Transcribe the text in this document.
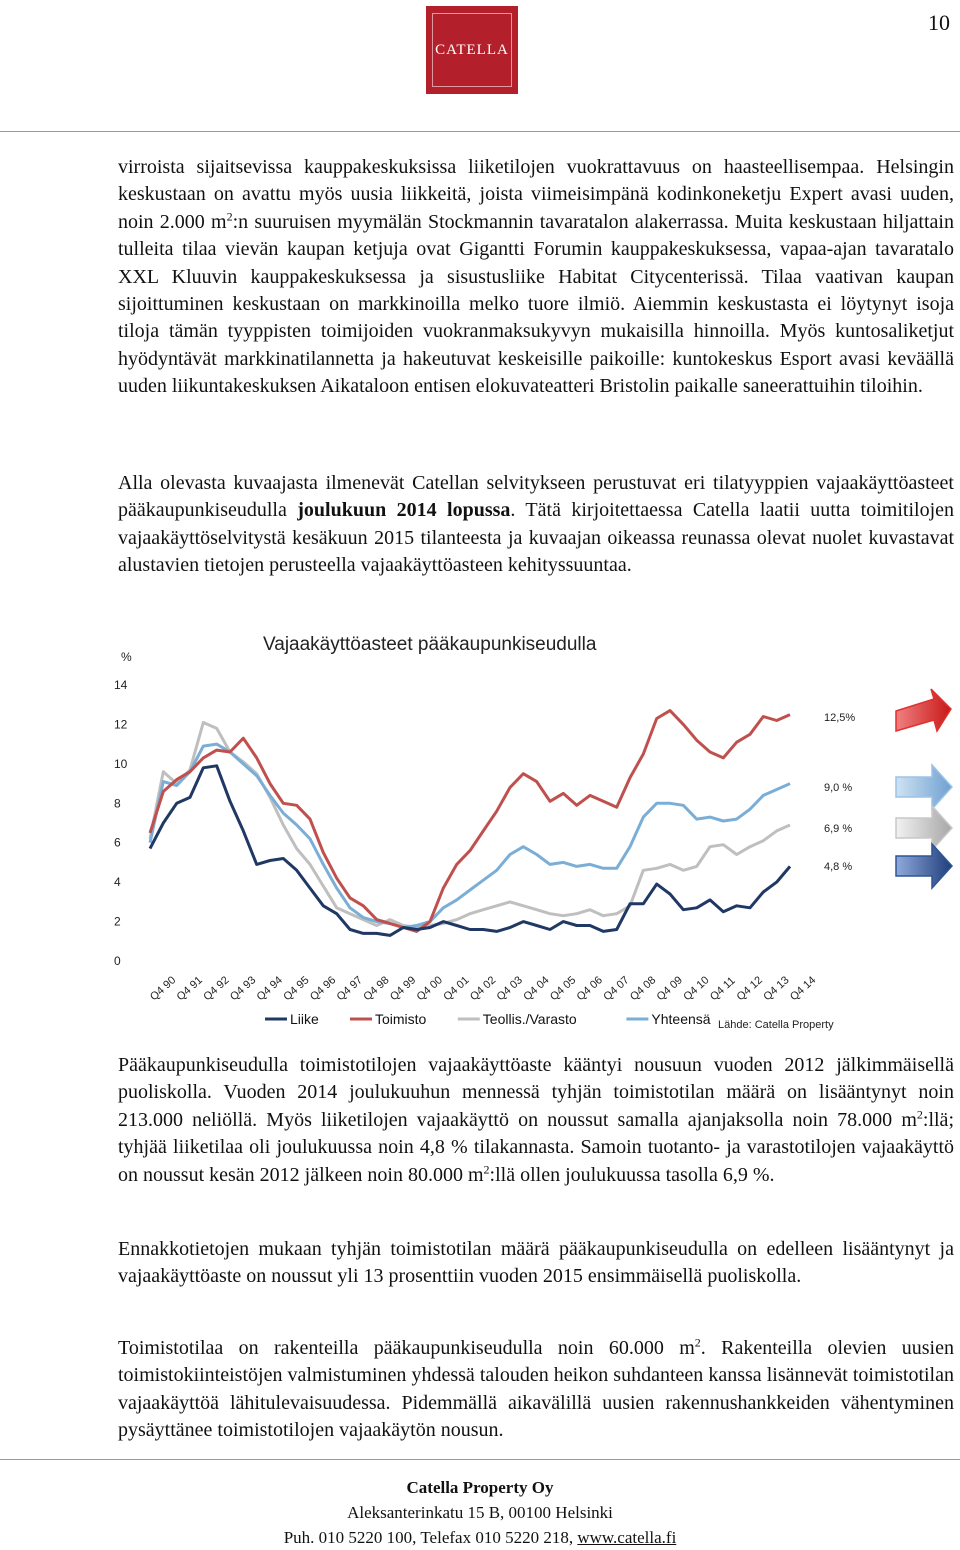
10
CATELLA

virroista sijaitsevissa kauppakeskuksissa liiketilojen vuokrattavuus on haasteellisempaa. Helsingin keskustaan on avattu myös uusia liikkeitä, joista viimeisimpänä kodinkoneketju Expert avasi uuden, noin 2.000 $m^2:n$ suuruisen myymälän Stockmannin tavaratalon alakerrassa. Muita keskustaan hiljattain tulleita tilaa vievän kaupan ketjuja ovat Gigantti Forumin kauppakeskuksessa, vapaa-ajan tavaratalo XXL Kluuvin kauppakeskuksessa ja sisustusliike Habitat Citycenterissä. Tilaa vaativan kaupan sijoittuminen keskustaan on markkinoilla melko tuore ilmiö. Aiemmin keskustasta ei löytynyt isoja tiloja tämän tyyppisten toimijoiden vuokranmaksukyvyn mukaisilla hinnoilla. Myös kuntosaliketjut hyödyntävät markkinatilannetta ja hakeutuvat keskeisille paikoille: kuntokeskus Esport avasi keväällä uuden liikuntakeskuksen Aikataloon entisen elokuvateatteri Bristolin paikalle saneerattuihin tiloihin.

Alla olevasta kuvaajasta ilmenevät Catellan selvitykseen perustuvat eri tilatyyppien vajaakäyttöasteet pääkaupunkiseudulla joulukuun 2014 lopussa. Tätä kirjoitettaessa Catella laatii uutta toimitilojen vajaakäyttöselvitystä kesäkuun 2015 tilanteesta ja kuvaajan oikeassa reunassa olevat nuolet kuvastavat alustavien tietojen perusteella vajaakäyttöasteen kehityssuuntaa.

Vajaakäyttöasteet pääkaupunkiseudulla
%
0
2
4
6
8
10
12
14
Q4 90
Q4 91
Q4 92
Q4 93
Q4 94
Q4 95
Q4 96
Q4 97
Q4 98
Q4 99
Q4 00
Q4 01
Q4 02
Q4 03
Q4 04
Q4 05
Q4 06
Q4 07
Q4 08
Q4 09
Q4 10
Q4 11
Q4 12
Q4 13
Q4 14
12,5%
9,0 %
6,9 %
4,8 %
Liike	Toimisto	Teollis./Varasto	Yhteensä Lähde: Catella Property

Pääkaupunkiseudulla toimistotilojen vajaakäyttöaste kääntyi nousuun vuoden 2012 jälkimmäisellä puoliskolla. Vuoden 2014 joulukuuhun mennessä tyhjän toimistotilan määrä on lisääntynyt noin 213.000 neliöllä. Myös liiketilojen vajaakäyttö on noussut samalla ajanjaksolla noin 78.000 $m^2:llä$; tyhjää liiketilaa oli joulukuussa noin 4,8 % tilakannasta. Samoin tuotanto- ja varastotilojen vajaakäyttö on noussut kesän 2012 jälkeen noin 80.000 $m^2:llä$ ollen joulukuussa tasolla 6,9 %.

Ennakkotietojen mukaan tyhjän toimistotilan määrä pääkaupunkiseudulla on edelleen lisääntynyt ja vajaakäyttöaste on noussut yli 13 prosenttiin vuoden 2015 ensimmäisellä puoliskolla.

Toimistotilaa on rakenteilla pääkaupunkiseudulla noin 60.000 $m^2$. Rakenteilla olevien uusien toimistokiinteistöjen valmistuminen yhdessä talouden heikon suhdanteen kanssa lisännevät toimistotilan vajaakäyttöä lähitulevaisuudessa. Pidemmällä aikavälillä uusien rakennushankkeiden vähentyminen pysäyttänee toimistotilojen vajaakäytön nousun.

Catella Property Oy
Aleksanterinkatu 15 B, 00100 Helsinki
Puh. 010 5220 100, Telefax 010 5220 218, www.catella.fi
